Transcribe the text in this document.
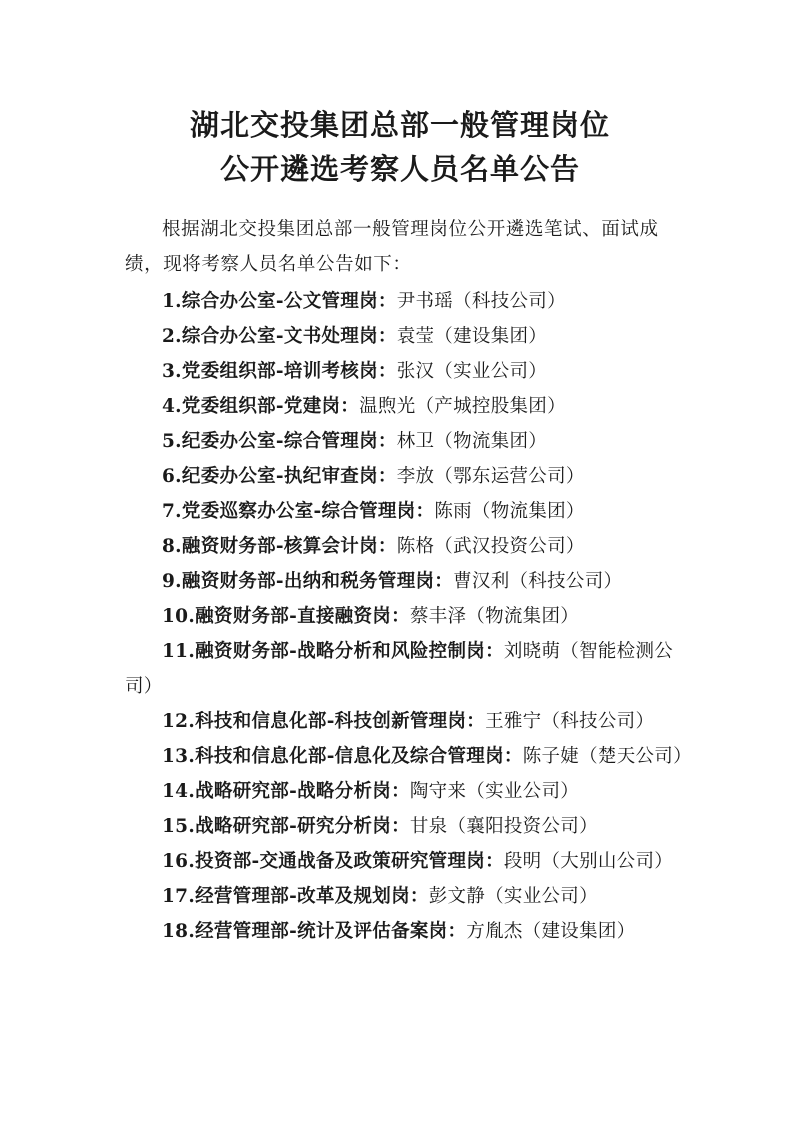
湖北交投集团总部一般管理岗位
公开遴选考察人员名单公告

根据湖北交投集团总部一般管理岗位公开遴选笔试、面试成绩，现将考察人员名单公告如下：

1.综合办公室-公文管理岗：尹书瑶（科技公司）
2.综合办公室-文书处理岗：袁莹（建设集团）
3.党委组织部-培训考核岗：张汉（实业公司）
4.党委组织部-党建岗：温煦光（产城控股集团）
5.纪委办公室-综合管理岗：林卫（物流集团）
6.纪委办公室-执纪审查岗：李放（鄂东运营公司）
7.党委巡察办公室-综合管理岗：陈雨（物流集团）
8.融资财务部-核算会计岗：陈格（武汉投资公司）
9.融资财务部-出纳和税务管理岗：曹汉利（科技公司）
10.融资财务部-直接融资岗：蔡丰泽（物流集团）
11.融资财务部-战略分析和风险控制岗：刘晓萌（智能检测公司）
12.科技和信息化部-科技创新管理岗：王雅宁（科技公司）
13.科技和信息化部-信息化及综合管理岗：陈子婕（楚天公司）
14.战略研究部-战略分析岗：陶守来（实业公司）
15.战略研究部-研究分析岗：甘泉（襄阳投资公司）
16.投资部-交通战备及政策研究管理岗：段明（大别山公司）
17.经营管理部-改革及规划岗：彭文静（实业公司）
18.经营管理部-统计及评估备案岗：方胤杰（建设集团）
